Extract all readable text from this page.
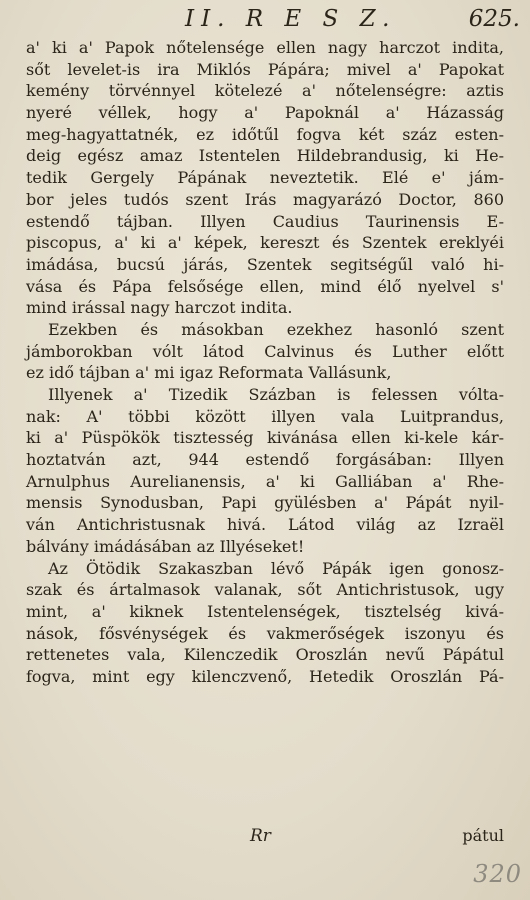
II. R E S Z.	625.
a' ki a' Papok nőtelensége ellen nagy harczot indita,
sőt levelet-is ira Miklós Pápára; mivel a' Papokat
kemény törvénnyel kötelezé a' nőtelenségre: aztis
nyeré véllek, hogy a' Papoknál a' Házasság
meg-hagyattatnék, ez időtűl fogva két száz esten-
deig egész amaz Istentelen Hildebrandusig, ki He-
tedik Gergely Pápának neveztetik. Elé e' jám-
bor jeles tudós szent Irás magyarázó Doctor, 860
estendő tájban. Illyen Caudius Taurinensis E-
piscopus, a' ki a' képek, kereszt és Szentek ereklyéi
imádása, bucsú járás, Szentek segitségűl való hi-
vása és Pápa felsősége ellen, mind élő nyelvel s'
mind irással nagy harczot indita.
Ezekben és másokban ezekhez hasonló szent
jámborokban vólt látod Calvinus és Luther előtt
ez idő tájban a' mi igaz Reformata Vallásunk,
Illyenek a' Tizedik Százban is felessen vólta-
nak: A' többi között illyen vala Luitprandus,
ki a' Püspökök tisztesség kivánása ellen ki-kele kár-
hoztatván azt, 944 estendő forgásában: Illyen
Arnulphus Aurelianensis, a' ki Galliában a' Rhe-
mensis Synodusban, Papi gyülésben a' Pápát nyil-
ván Antichristusnak hivá. Látod világ az Izraël
bálvány imádásában az Illyéseket!
Az Ötödik Szakaszban lévő Pápák igen gonosz-
szak és ártalmasok valanak, sőt Antichristusok, ugy
mint, a' kiknek Istentelenségek, tisztelség kivá-
nások, fősvénységek és vakmerőségek iszonyu és
rettenetes vala, Kilenczedik Oroszlán nevű Pápátul
fogva, mint egy kilenczvenő, Hetedik Oroszlán Pá-
Rr	pátul
320
